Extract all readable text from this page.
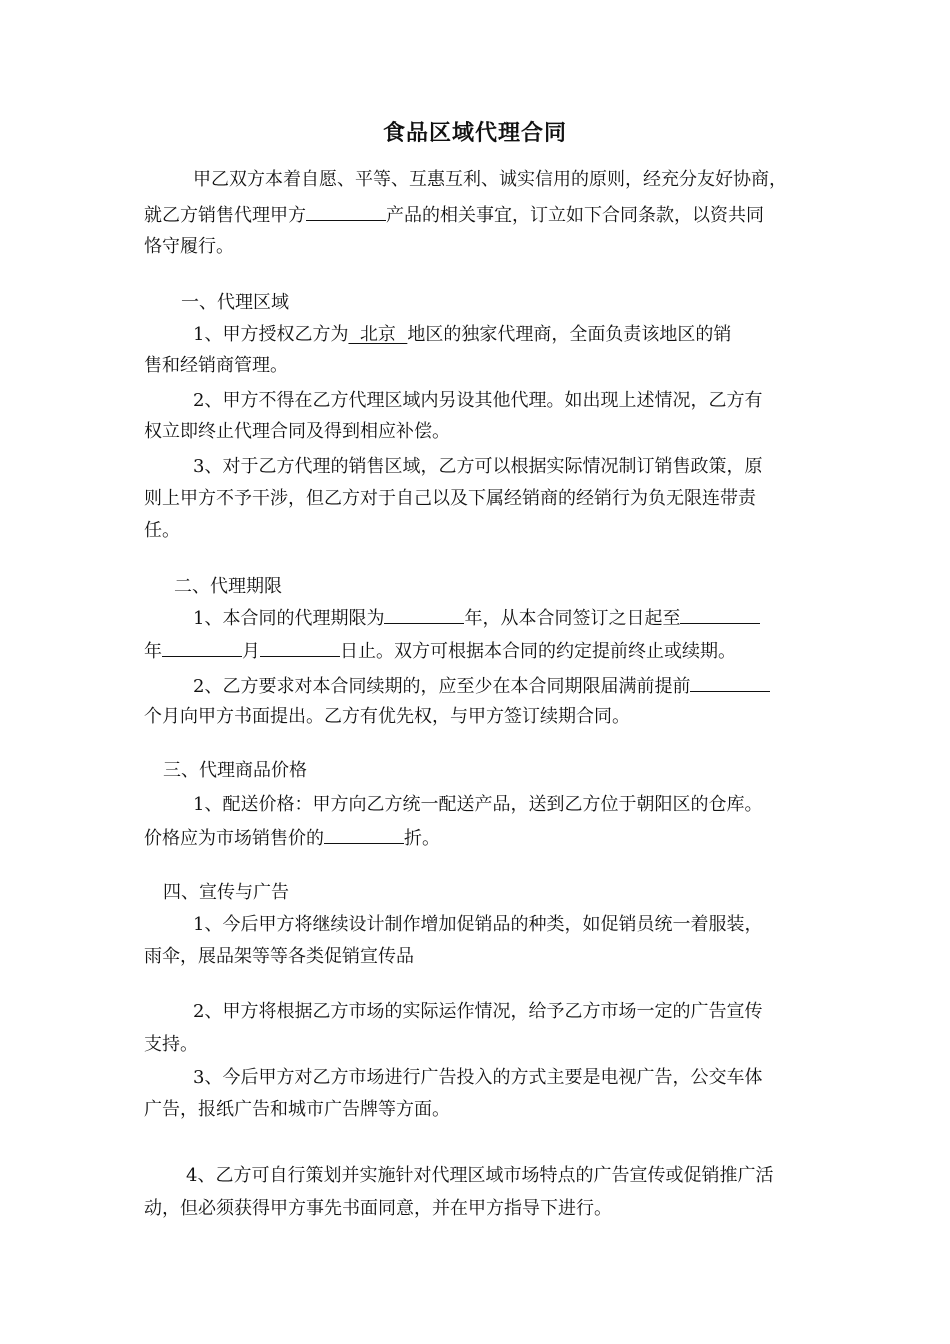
食品区域代理合同
甲乙双方本着自愿、平等、互惠互利、诚实信用的原则，经充分友好协商，
就乙方销售代理甲方	产品的相关事宜，订立如下合同条款，以资共同
恪守履行。
一、代理区域
1、甲方授权乙方为  北京  地区的独家代理商，全面负责该地区的销
售和经销商管理。
2、甲方不得在乙方代理区域内另设其他代理。如出现上述情况，乙方有
权立即终止代理合同及得到相应补偿。
3、对于乙方代理的销售区域，乙方可以根据实际情况制订销售政策，原
则上甲方不予干涉，但乙方对于自己以及下属经销商的经销行为负无限连带责
任。
二、代理期限
1、本合同的代理期限为	年，从本合同签订之日起至
年	月	日止。双方可根据本合同的约定提前终止或续期。
2、乙方要求对本合同续期的，应至少在本合同期限届满前提前
个月向甲方书面提出。乙方有优先权，与甲方签订续期合同。
三、代理商品价格
1、配送价格：甲方向乙方统一配送产品，送到乙方位于朝阳区的仓库。
价格应为市场销售价的	折。
四、宣传与广告
1、今后甲方将继续设计制作增加促销品的种类，如促销员统一着服装，
雨伞，展品架等等各类促销宣传品
2、甲方将根据乙方市场的实际运作情况，给予乙方市场一定的广告宣传
支持。
3、今后甲方对乙方市场进行广告投入的方式主要是电视广告，公交车体
广告，报纸广告和城市广告牌等方面。
4、乙方可自行策划并实施针对代理区域市场特点的广告宣传或促销推广活
动，但必须获得甲方事先书面同意，并在甲方指导下进行。
